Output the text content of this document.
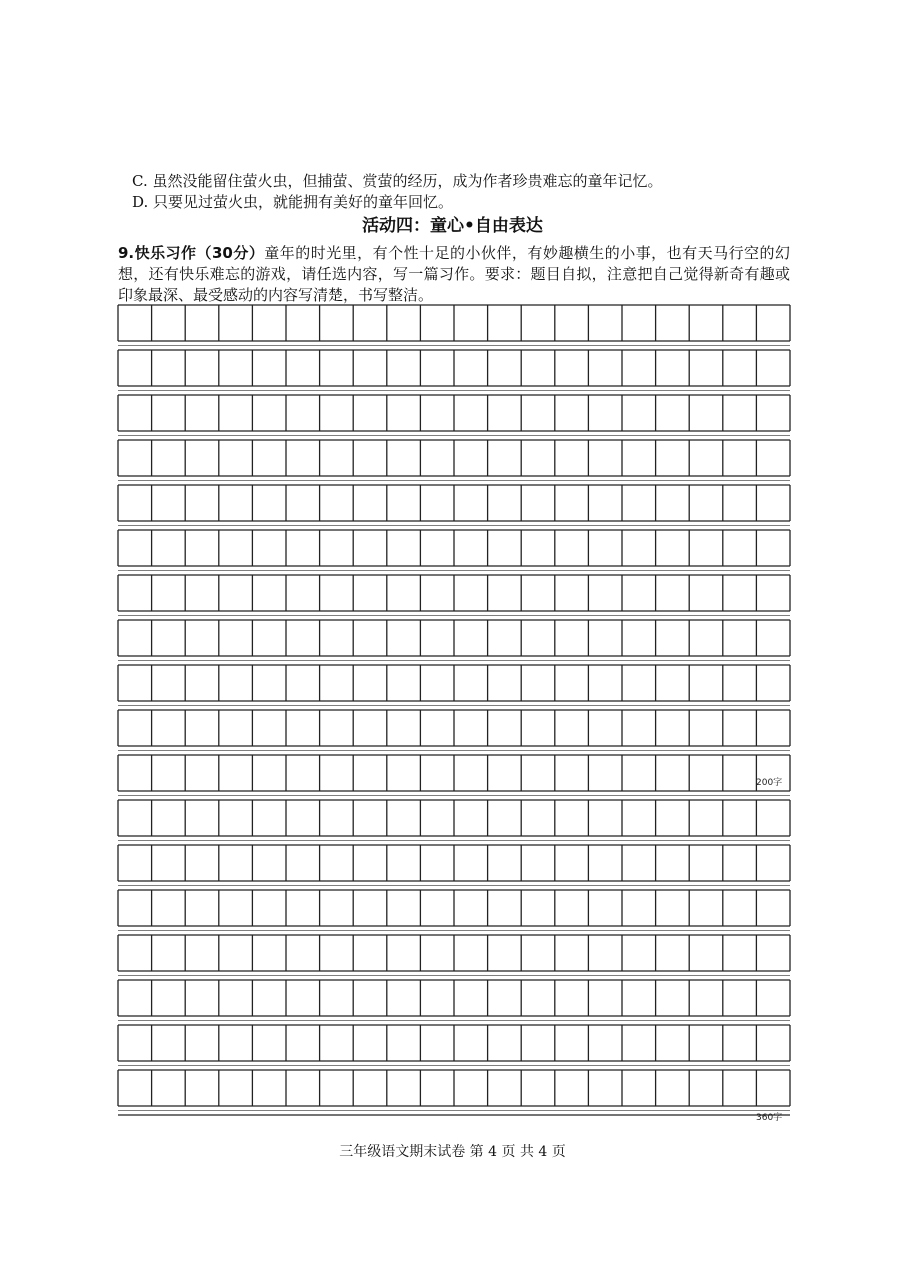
C. 虽然没能留住萤火虫，但捕萤、赏萤的经历，成为作者珍贵难忘的童年记忆。
D. 只要见过萤火虫，就能拥有美好的童年回忆。
活动四：童心•自由表达
9.快乐习作（30分）童年的时光里，有个性十足的小伙伴，有妙趣横生的小事，也有天马行空的幻想，还有快乐难忘的游戏，请任选内容，写一篇习作。要求：题目自拟，注意把自己觉得新奇有趣或印象最深、最受感动的内容写清楚，书写整洁。
200字
360字
三年级语文期末试卷 第 4 页 共 4 页
